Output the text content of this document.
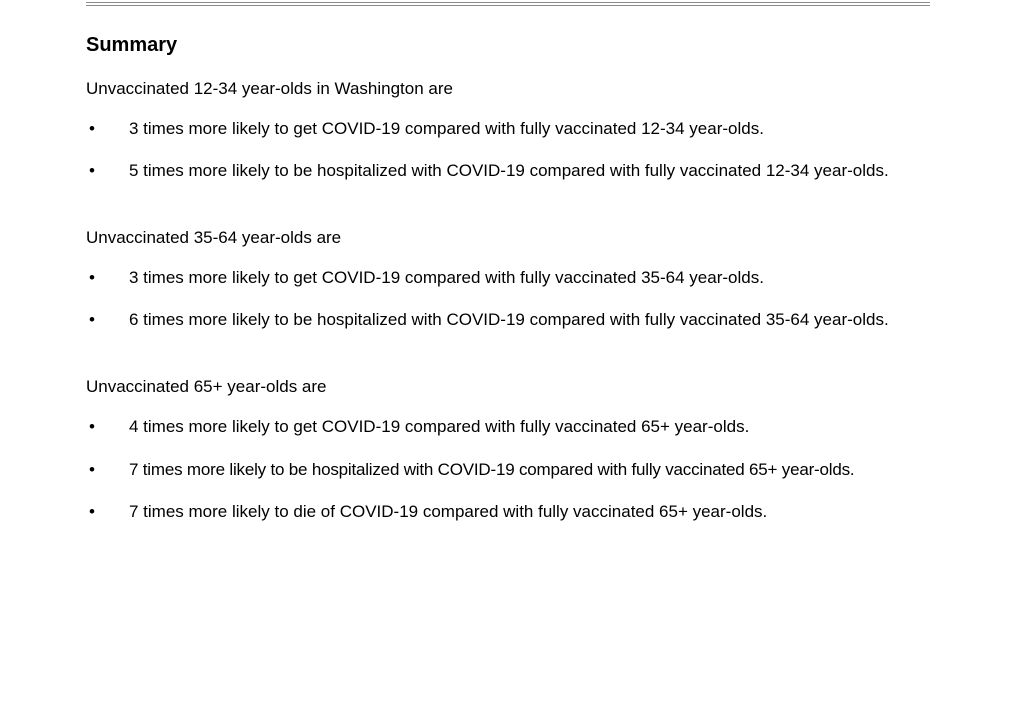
Summary

Unvaccinated 12-34 year-olds in Washington are

• 3 times more likely to get COVID-19 compared with fully vaccinated 12-34 year-olds.
• 5 times more likely to be hospitalized with COVID-19 compared with fully vaccinated 12-34 year-olds.

Unvaccinated 35-64 year-olds are

• 3 times more likely to get COVID-19 compared with fully vaccinated 35-64 year-olds.
• 6 times more likely to be hospitalized with COVID-19 compared with fully vaccinated 35-64 year-olds.

Unvaccinated 65+ year-olds are

• 4 times more likely to get COVID-19 compared with fully vaccinated 65+ year-olds.
• 7 times more likely to be hospitalized with COVID-19 compared with fully vaccinated 65+ year-olds.
• 7 times more likely to die of COVID-19 compared with fully vaccinated 65+ year-olds.
